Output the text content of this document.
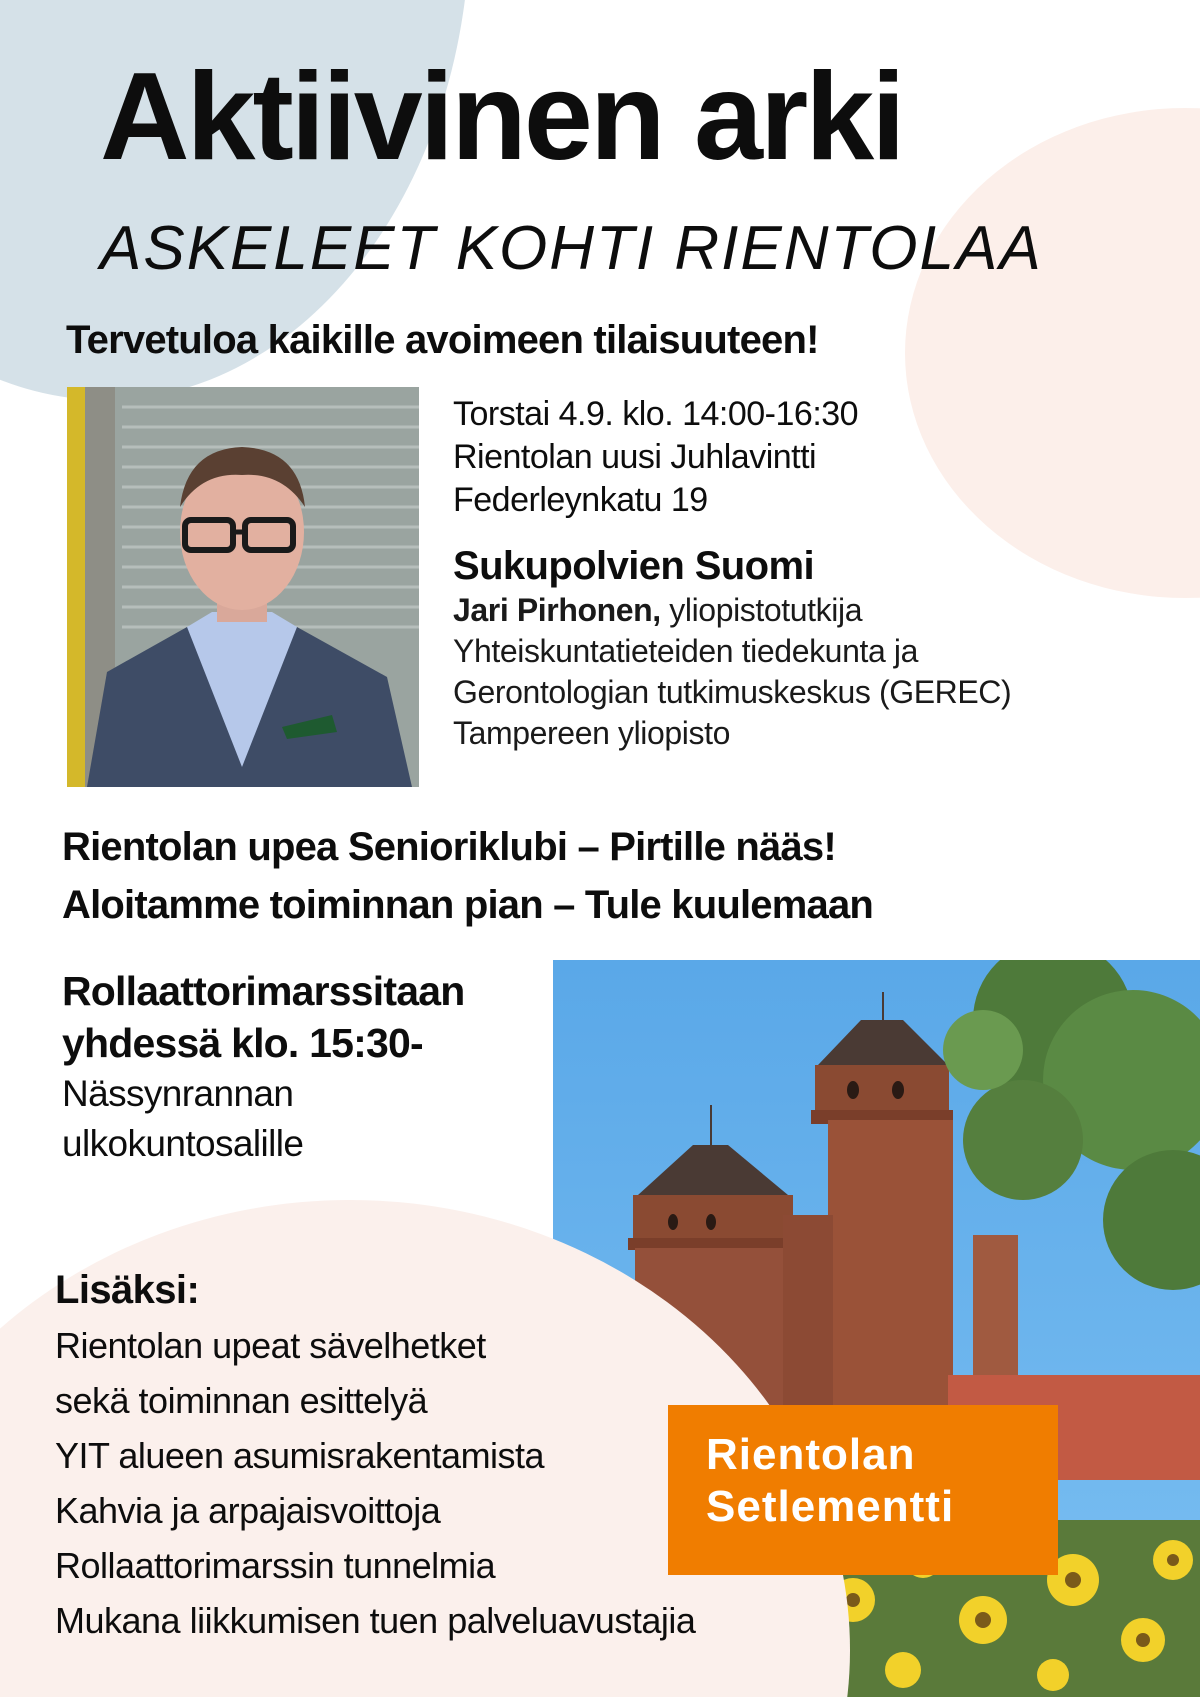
Aktiivinen arki
ASKELEET KOHTI RIENTOLAA
Tervetuloa kaikille avoimeen tilaisuuteen!
Torstai 4.9. klo. 14:00-16:30
Rientolan uusi Juhlavintti
Federleynkatu 19
Sukupolvien Suomi
Jari Pirhonen, yliopistotutkija
Yhteiskuntatieteiden tiedekunta ja
Gerontologian tutkimuskeskus (GEREC)
Tampereen yliopisto
Rientolan upea Senioriklubi – Pirtille nääs!
Aloitamme toiminnan pian – Tule kuulemaan
Rollaattorimarssitaan
yhdessä klo. 15:30-
Nässynrannan
ulkokuntosalille
Lisäksi:
Rientolan upeat sävelhetket
sekä toiminnan esittelyä
YIT alueen asumisrakentamista
Kahvia ja arpajaisvoittoja
Rollaattorimarssin tunnelmia
Mukana liikkumisen tuen palveluavustajia
Rientolan
Setlementti
